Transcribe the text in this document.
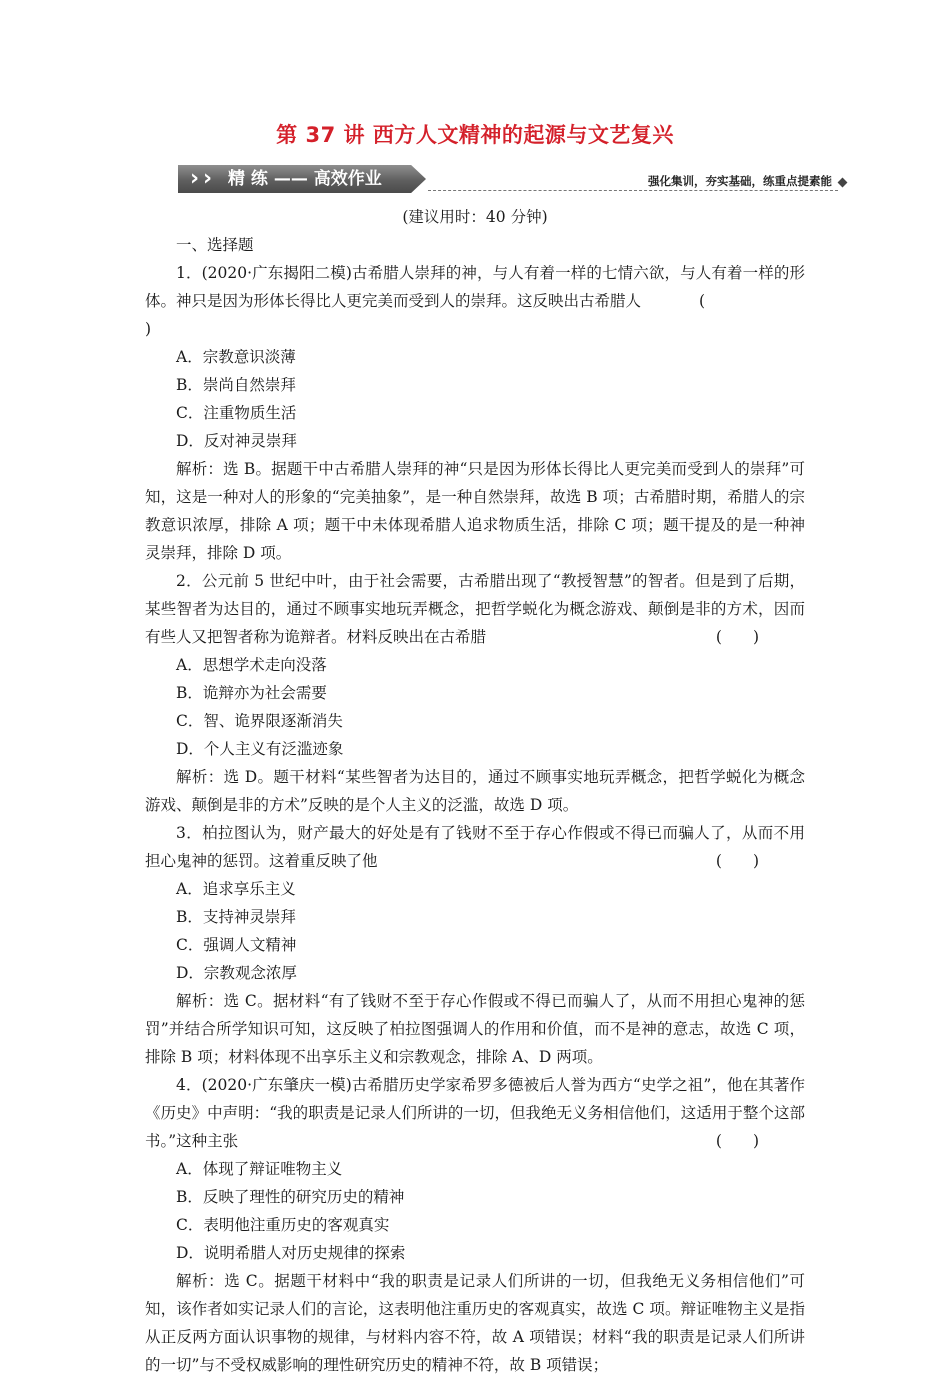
第 37 讲 西方人文精神的起源与文艺复兴
› › 精 练 —— 高效作业	强化集训，夯实基础，练重点提素能

(建议用时：40 分钟)

一、选择题

1．(2020·广东揭阳二模)古希腊人崇拜的神，与人有着一样的七情六欲，与人有着一样的形体。神只是因为形体长得比人更完美而受到人的崇拜。这反映出古希腊人	(

)

A．宗教意识淡薄
B．崇尚自然崇拜
C．注重物质生活
D．反对神灵崇拜

解析：选 B。据题干中古希腊人崇拜的神“只是因为形体长得比人更完美而受到人的崇拜”可知，这是一种对人的形象的“完美抽象”，是一种自然崇拜，故选 B 项；古希腊时期，希腊人的宗教意识浓厚，排除 A 项；题干中未体现希腊人追求物质生活，排除 C 项；题干提及的是一种神灵崇拜，排除 D 项。

2．公元前 5 世纪中叶，由于社会需要，古希腊出现了“教授智慧”的智者。但是到了后期，某些智者为达目的，通过不顾事实地玩弄概念，把哲学蜕化为概念游戏、颠倒是非的方术，因而有些人又把智者称为诡辩者。材料反映出在古希腊	(　　)

A．思想学术走向没落
B．诡辩亦为社会需要
C．智、诡界限逐渐消失
D．个人主义有泛滥迹象

解析：选 D。题干材料“某些智者为达目的，通过不顾事实地玩弄概念，把哲学蜕化为概念游戏、颠倒是非的方术”反映的是个人主义的泛滥，故选 D 项。

3．柏拉图认为，财产最大的好处是有了钱财不至于存心作假或不得已而骗人了，从而不用担心鬼神的惩罚。这着重反映了他	(　　)

A．追求享乐主义
B．支持神灵崇拜
C．强调人文精神
D．宗教观念浓厚

解析：选 C。据材料“有了钱财不至于存心作假或不得已而骗人了，从而不用担心鬼神的惩罚”并结合所学知识可知，这反映了柏拉图强调人的作用和价值，而不是神的意志，故选 C 项，排除 B 项；材料体现不出享乐主义和宗教观念，排除 A、D 两项。

4．(2020·广东肇庆一模)古希腊历史学家希罗多德被后人誉为西方“史学之祖”，他在其著作《历史》中声明：“我的职责是记录人们所讲的一切，但我绝无义务相信他们，这适用于整个这部书。”这种主张	(　　)

A．体现了辩证唯物主义
B．反映了理性的研究历史的精神
C．表明他注重历史的客观真实
D．说明希腊人对历史规律的探索

解析：选 C。据题干材料中“我的职责是记录人们所讲的一切，但我绝无义务相信他们”可知，该作者如实记录人们的言论，这表明他注重历史的客观真实，故选 C 项。辩证唯物主义是指从正反两方面认识事物的规律，与材料内容不符，故 A 项错误；材料“我的职责是记录人们所讲的一切”与不受权威影响的理性研究历史的精神不符，故 B 项错误；
